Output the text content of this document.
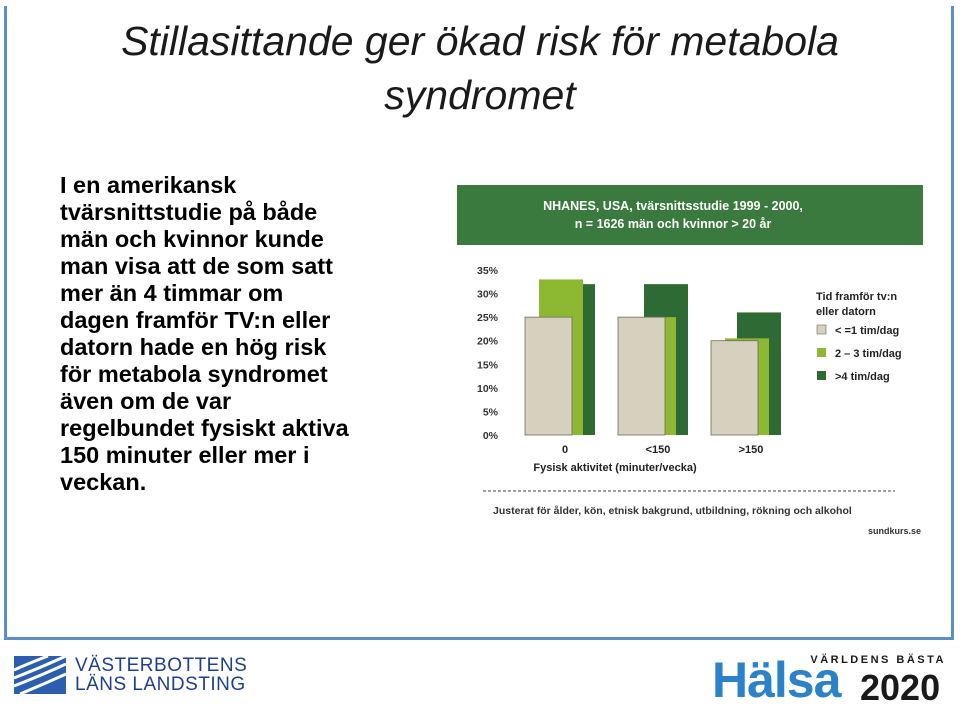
Stillasittande ger ökad risk för metabola
syndromet
I en amerikansk
tvärsnittstudie på både
män och kvinnor kunde
man visa att de som satt
mer än 4 timmar om
dagen framför TV:n eller
datorn hade en hög risk
för metabola syndromet
även om de var
regelbundet fysiskt aktiva
150 minuter eller mer i
veckan.
NHANES, USA, tvärsnittsstudie 1999 - 2000,
n = 1626 män och kvinnor > 20 år
0%
5%
10%
15%
20%
25%
30%
35%
0	<150	>150
Fysisk aktivitet (minuter/vecka)
Tid framför tv:n
eller datorn
< =1 tim/dag
2 – 3 tim/dag
>4 tim/dag
Justerat för ålder, kön, etnisk bakgrund, utbildning, rökning och alkohol
sundkurs.se
VÄSTERBOTTENS
LÄNS LANDSTING
VÄRLDENS BÄSTA
Hälsa 2020
